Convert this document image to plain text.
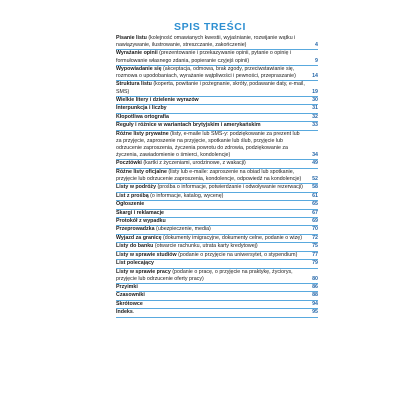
SPIS TREŚCI
Pisanie listu (kolejność omawianych kwestii, wyjaśnianie, rozwijanie wątku i nawiązywanie, ilustrowanie, streszczanie, zakończenie)	4
Wyrażanie opinii (prezentowanie i przekazywanie opinii, pytanie o opinię i formułowanie własnego zdania, popieranie czyjejś opinii)	9
Wypowiadanie się (akceptacja, odmowa, brak zgody, przeciwstawianie się, rozmowa o upodobaniach, wyrażanie wątpliwości i pewności, przepraszanie)	14
Struktura listu (koperta, powitanie i pożegnanie, skróty, podawanie daty, e-mail, SMS)	19
Wielkie litery i dzielenie wyrazów	30
Interpunkcja i liczby	31
Kłopotliwa ortografia	32
Reguły i różnice w wariantach brytyjskim i amerykańskim	33
Różne listy prywatne (listy, e-maile lub SMS-y: podziękowanie za prezent lub za przyjęcie, zaproszenie na przyjęcie, spotkanie lub ślub, przyjęcie lub odrzucenie zaproszenia, życzenia powrotu do zdrowia, podziękowanie za życzenia, zawiadomienie o śmierci, kondolencje)	34
Pocztówki (kartki z życzeniami, urodzinowe, z wakacji)	49
Różne listy oficjalne (listy lub e-maile: zaproszenie na obiad lub spotkanie, przyjęcie lub odrzucenie zaproszenia, kondolencje, odpowiedź na kondolencje)	52
Listy w podróży (prośba o informacje, potwierdzanie i odwoływanie rezerwacji)	58
List z prośbą (o informacje, katalog, wycenę)	61
Ogłoszenie	65
Skargi i reklamacje	67
Protokół z wypadku	69
Przeprowadzka (ubezpieczenie, media)	70
Wyjazd za granicę (dokumenty imigracyjne, dokumenty celne, podanie o wizę)	72
Listy do banku (otwarcie rachunku, utrata karty kredytowej)	75
Listy w sprawie studiów (podanie o przyjęcie na uniwersytet, o stypendium)	77
List polecający	79
Listy w sprawie pracy (podanie o pracę, o przyjęcie na praktykę, życiorys, przyjęcie lub odrzucenie oferty pracy)	80
Przyimki	86
Czasowniki	88
Skrótowce	94
Indeks.	95
